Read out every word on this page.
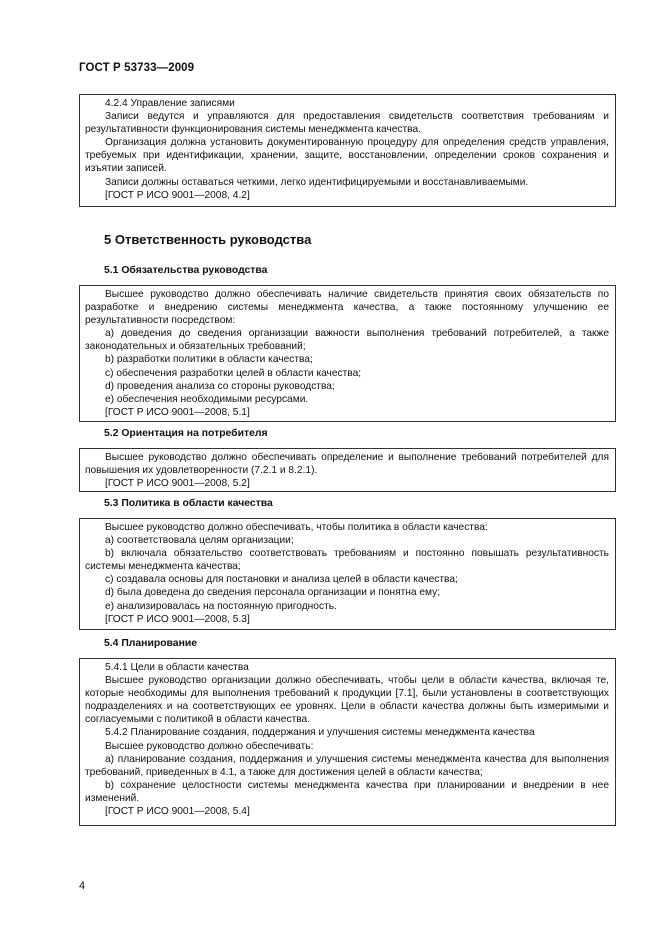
ГОСТ Р 53733—2009

4.2.4 Управление записями

Записи ведутся и управляются для предоставления свидетельств соответствия требованиям и результативности функционирования системы менеджмента качества.

Организация должна установить документированную процедуру для определения средств управления, требуемых при идентификации, хранении, защите, восстановлении, определении сроков сохранения и изъятии записей.

Записи должны оставаться четкими, легко идентифицируемыми и восстанавливаемыми.

[ГОСТ Р ИСО 9001—2008, 4.2]

5 Ответственность руководства
5.1 Обязательства руководства

Высшее руководство должно обеспечивать наличие свидетельств принятия своих обязательств по разработке и внедрению системы менеджмента качества, а также постоянному улучшению ее результативности посредством:

a) доведения до сведения организации важности выполнения требований потребителей, а также законодательных и обязательных требований;

b) разработки политики в области качества;

c) обеспечения разработки целей в области качества;

d) проведения анализа со стороны руководства;

e) обеспечения необходимыми ресурсами.

[ГОСТ Р ИСО 9001—2008, 5.1]

5.2 Ориентация на потребителя

Высшее руководство должно обеспечивать определение и выполнение требований потребителей для повышения их удовлетворенности (7.2.1 и 8.2.1).

[ГОСТ Р ИСО 9001—2008, 5.2]

5.3 Политика в области качества

Высшее руководство должно обеспечивать, чтобы политика в области качества:

a) соответствовала целям организации;

b) включала обязательство соответствовать требованиям и постоянно повышать результативность системы менеджмента качества;

c) создавала основы для постановки и анализа целей в области качества;

d) была доведена до сведения персонала организации и понятна ему;

e) анализировалась на постоянную пригодность.

[ГОСТ Р ИСО 9001—2008, 5.3]

5.4 Планирование

5.4.1 Цели в области качества

Высшее руководство организации должно обеспечивать, чтобы цели в области качества, включая те, которые необходимы для выполнения требований к продукции [7.1], были установлены в соответствующих подразделениях и на соответствующих ее уровнях. Цели в области качества должны быть измеримыми и согласуемыми с политикой в области качества.

5.4.2 Планирование создания, поддержания и улучшения системы менеджмента качества

Высшее руководство должно обеспечивать:

a) планирование создания, поддержания и улучшения системы менеджмента качества для выполнения требований, приведенных в 4.1, а также для достижения целей в области качества;

b) сохранение целостности системы менеджмента качества при планировании и внедрении в нее изменений.

[ГОСТ Р ИСО 9001—2008, 5.4]

4
